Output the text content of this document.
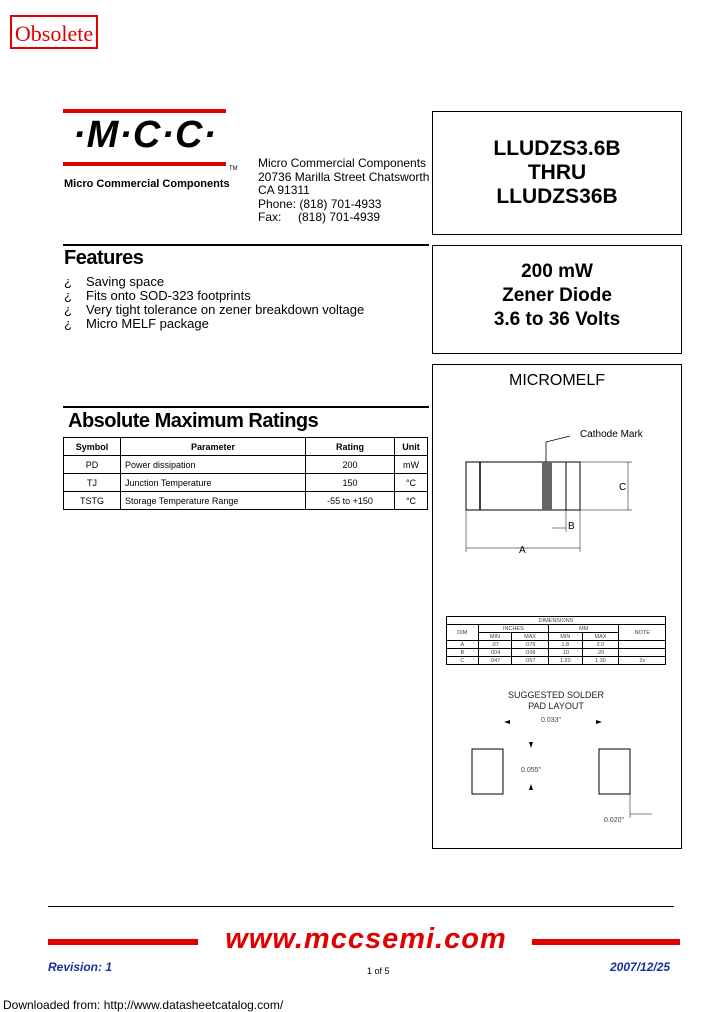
Obsolete
·M·C·C·
TM
Micro Commercial Components
Micro Commercial Components
20736 Marilla Street Chatsworth
CA 91311
Phone: (818) 701-4933
Fax:     (818) 701-4939
LLUDZS3.6B
THRU
LLUDZS36B
200 mW
Zener Diode
3.6 to 36 Volts
Features
¿ Saving space
¿ Fits onto SOD-323 footprints
¿ Very tight tolerance on zener breakdown voltage
¿ Micro MELF package
Absolute Maximum Ratings
Symbol	Parameter	Rating	Unit
PD	Power dissipation	200	mW
TJ	Junction Temperature	150	°C
TSTG	Storage Temperature Range	-55 to +150	°C
MICROMELF
Cathode Mark
C
B
A
DIMENSIONS					
DIM	INCHES		MM		NOTE
	MIN	MAX	MIN	MAX	
A	.07	.079	1.8	2.0	
B	.004	.008	.10	.20	
C	.047	.057	1.20	1.30	2x
SUGGESTED SOLDER
PAD LAYOUT
0.033"
0.055"
0.020"
www.mccsemi.com
Revision: 1	1 of 5	2007/12/25
Downloaded from: http://www.datasheetcatalog.com/
